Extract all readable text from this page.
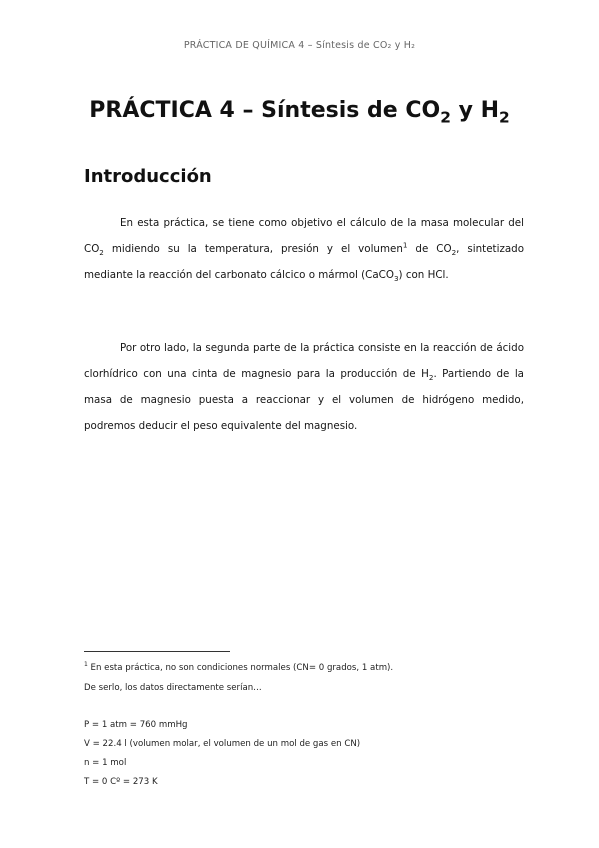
PRÁCTICA DE QUÍMICA 4 – Síntesis de CO₂ y H₂
PRÁCTICA 4 – Síntesis de $CO_2$ y $H_2$
Introducción
En esta práctica, se tiene como objetivo el cálculo de la masa molecular del $CO_2$ midiendo su la temperatura, presión y el volumen$^1$ de $CO_2$, sintetizado mediante la reacción del carbonato cálcico o mármol (CaCO$_3$) con HCl.
Por otro lado, la segunda parte de la práctica consiste en la reacción de ácido clorhídrico con una cinta de magnesio para la producción de $H_2$. Partiendo de la masa de magnesio puesta a reaccionar y el volumen de hidrógeno medido, podremos deducir el peso equivalente del magnesio.
$^1$ En esta práctica, no son condiciones normales (CN= 0 grados, 1 atm).
De serlo, los datos directamente serían…
P = 1 atm = 760 mmHg
V = 22.4 l (volumen molar, el volumen de un mol de gas en CN)
n = 1 mol
T = 0 Cº = 273 K
